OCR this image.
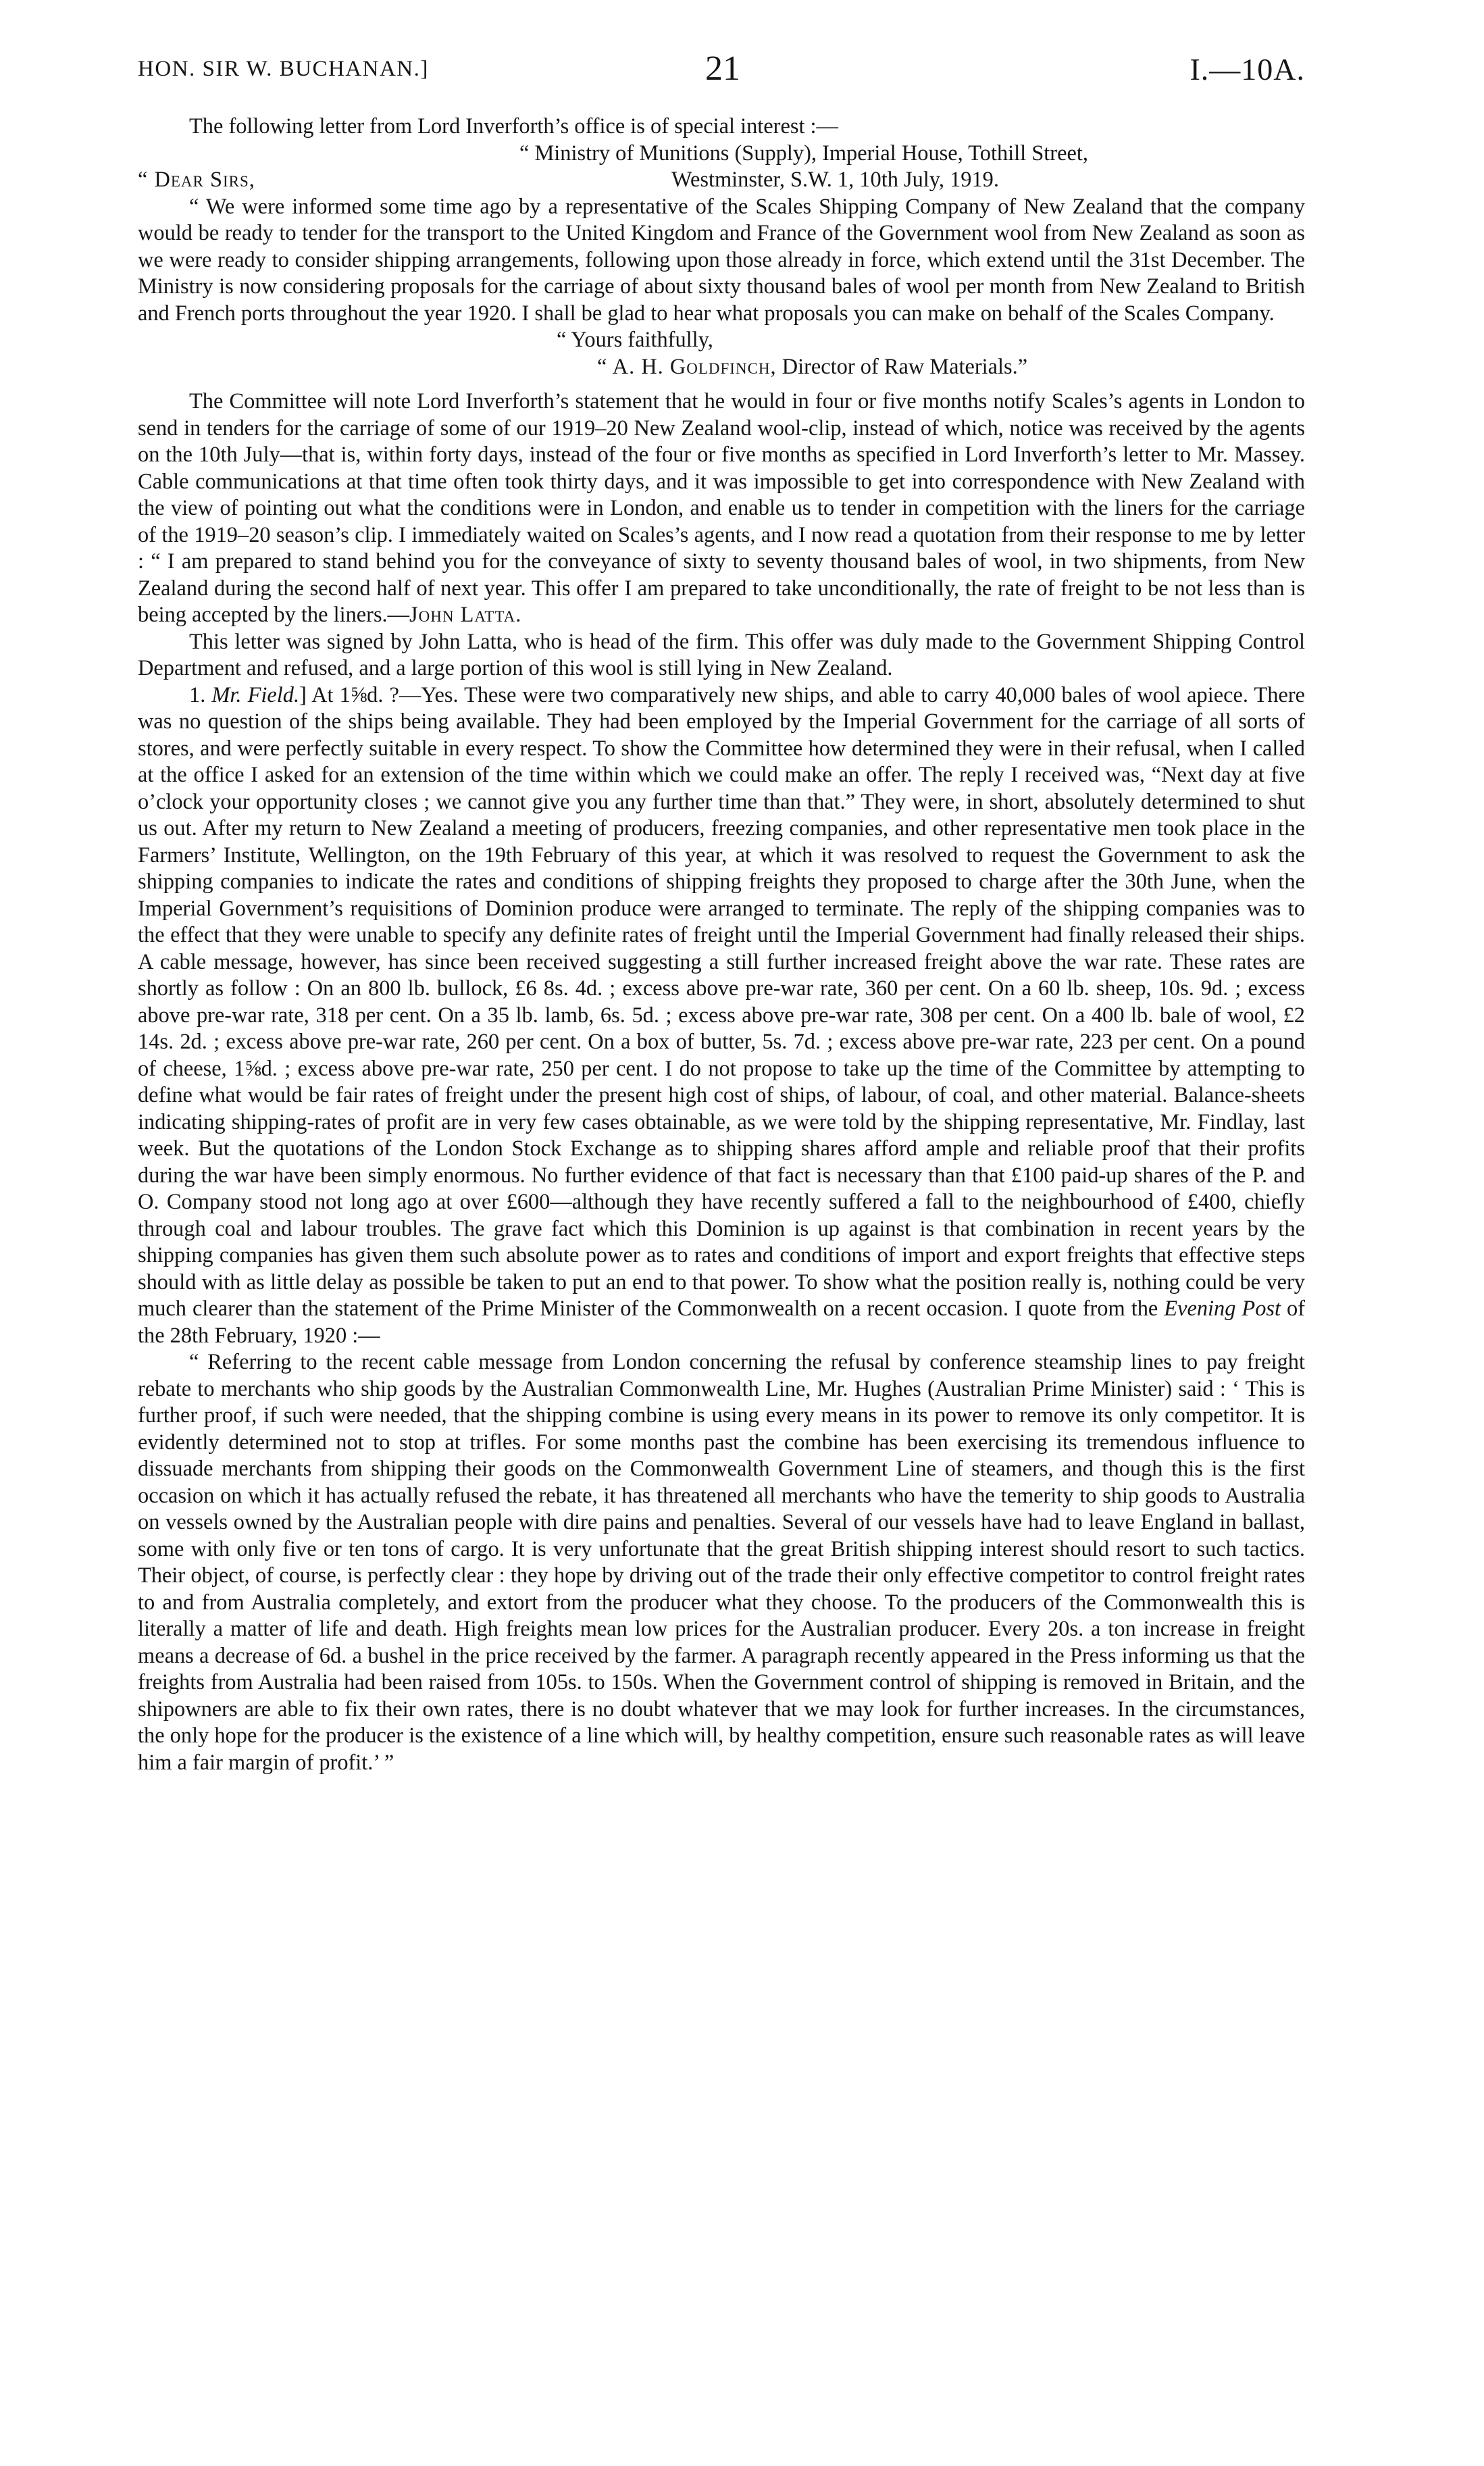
HON. SIR W. BUCHANAN.]	21	I.—10A.

The following letter from Lord Inverforth’s office is of special interest :—

“ Ministry of Munitions (Supply), Imperial House, Tothill Street,

“ Dear Sirs,	Westminster, S.W. 1, 10th July, 1919.

“ We were informed some time ago by a representative of the Scales Shipping Company of New Zealand that the company would be ready to tender for the transport to the United Kingdom and France of the Government wool from New Zealand as soon as we were ready to consider shipping arrangements, following upon those already in force, which extend until the 31st December. The Ministry is now considering proposals for the carriage of about sixty thousand bales of wool per month from New Zealand to British and French ports throughout the year 1920. I shall be glad to hear what proposals you can make on behalf of the Scales Company.

“ Yours faithfully,

“ A. H. Goldfinch, Director of Raw Materials.”

The Committee will note Lord Inverforth’s statement that he would in four or five months notify Scales’s agents in London to send in tenders for the carriage of some of our 1919–20 New Zealand wool-clip, instead of which, notice was received by the agents on the 10th July—that is, within forty days, instead of the four or five months as specified in Lord Inverforth’s letter to Mr. Massey. Cable communications at that time often took thirty days, and it was impossible to get into correspondence with New Zealand with the view of pointing out what the conditions were in London, and enable us to tender in competition with the liners for the carriage of the 1919–20 season’s clip. I immediately waited on Scales’s agents, and I now read a quotation from their response to me by letter : “ I am prepared to stand behind you for the conveyance of sixty to seventy thousand bales of wool, in two shipments, from New Zealand during the second half of next year. This offer I am prepared to take unconditionally, the rate of freight to be not less than is being accepted by the liners.—John Latta.

This letter was signed by John Latta, who is head of the firm. This offer was duly made to the Government Shipping Control Department and refused, and a large portion of this wool is still lying in New Zealand.

1. Mr. Field.] At 1⅝d. ?—Yes. These were two comparatively new ships, and able to carry 40,000 bales of wool apiece. There was no question of the ships being available. They had been employed by the Imperial Government for the carriage of all sorts of stores, and were perfectly suitable in every respect. To show the Committee how determined they were in their refusal, when I called at the office I asked for an extension of the time within which we could make an offer. The reply I received was, “Next day at five o’clock your opportunity closes ; we cannot give you any further time than that.” They were, in short, absolutely determined to shut us out. After my return to New Zealand a meeting of producers, freezing companies, and other representative men took place in the Farmers’ Institute, Wellington, on the 19th February of this year, at which it was resolved to request the Government to ask the shipping companies to indicate the rates and conditions of shipping freights they proposed to charge after the 30th June, when the Imperial Government’s requisitions of Dominion produce were arranged to terminate. The reply of the shipping companies was to the effect that they were unable to specify any definite rates of freight until the Imperial Government had finally released their ships. A cable message, however, has since been received suggesting a still further increased freight above the war rate. These rates are shortly as follow : On an 800 lb. bullock, £6 8s. 4d. ; excess above pre-war rate, 360 per cent. On a 60 lb. sheep, 10s. 9d. ; excess above pre-war rate, 318 per cent. On a 35 lb. lamb, 6s. 5d. ; excess above pre-war rate, 308 per cent. On a 400 lb. bale of wool, £2 14s. 2d. ; excess above pre-war rate, 260 per cent. On a box of butter, 5s. 7d. ; excess above pre-war rate, 223 per cent. On a pound of cheese, 1⅝d. ; excess above pre-war rate, 250 per cent. I do not propose to take up the time of the Committee by attempting to define what would be fair rates of freight under the present high cost of ships, of labour, of coal, and other material. Balance-sheets indicating shipping-rates of profit are in very few cases obtainable, as we were told by the shipping representative, Mr. Findlay, last week. But the quotations of the London Stock Exchange as to shipping shares afford ample and reliable proof that their profits during the war have been simply enormous. No further evidence of that fact is necessary than that £100 paid-up shares of the P. and O. Company stood not long ago at over £600—although they have recently suffered a fall to the neighbourhood of £400, chiefly through coal and labour troubles. The grave fact which this Dominion is up against is that combination in recent years by the shipping companies has given them such absolute power as to rates and conditions of import and export freights that effective steps should with as little delay as possible be taken to put an end to that power. To show what the position really is, nothing could be very much clearer than the statement of the Prime Minister of the Commonwealth on a recent occasion. I quote from the Evening Post of the 28th February, 1920 :—

“ Referring to the recent cable message from London concerning the refusal by conference steamship lines to pay freight rebate to merchants who ship goods by the Australian Commonwealth Line, Mr. Hughes (Australian Prime Minister) said : ‘ This is further proof, if such were needed, that the shipping combine is using every means in its power to remove its only competitor. It is evidently determined not to stop at trifles. For some months past the combine has been exercising its tremendous influence to dissuade merchants from shipping their goods on the Commonwealth Government Line of steamers, and though this is the first occasion on which it has actually refused the rebate, it has threatened all merchants who have the temerity to ship goods to Australia on vessels owned by the Australian people with dire pains and penalties. Several of our vessels have had to leave England in ballast, some with only five or ten tons of cargo. It is very unfortunate that the great British shipping interest should resort to such tactics. Their object, of course, is perfectly clear : they hope by driving out of the trade their only effective competitor to control freight rates to and from Australia completely, and extort from the producer what they choose. To the producers of the Commonwealth this is literally a matter of life and death. High freights mean low prices for the Australian producer. Every 20s. a ton increase in freight means a decrease of 6d. a bushel in the price received by the farmer. A paragraph recently appeared in the Press informing us that the freights from Australia had been raised from 105s. to 150s. When the Government control of shipping is removed in Britain, and the shipowners are able to fix their own rates, there is no doubt whatever that we may look for further increases. In the circumstances, the only hope for the producer is the existence of a line which will, by healthy competition, ensure such reasonable rates as will leave him a fair margin of profit.’ ”
